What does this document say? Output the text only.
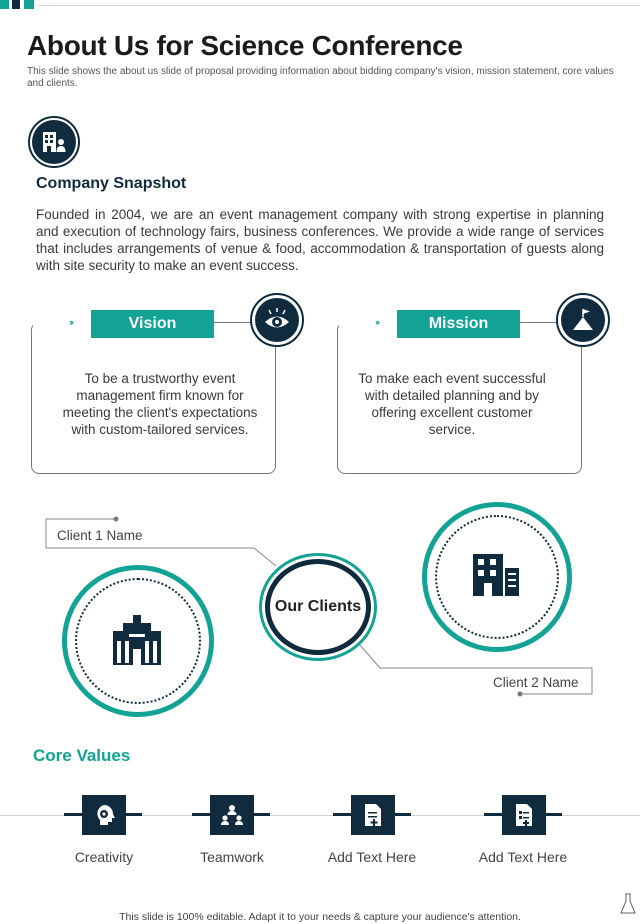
About Us for Science Conference
This slide shows the about us slide of proposal providing information about bidding company's vision, mission statement, core values and clients.
Company Snapshot
Founded in 2004, we are an event management company with strong expertise in planning and execution of technology fairs, business conferences. We provide a wide range of services that includes arrangements of venue & food, accommodation & transportation of guests along with site security to make an event success.
›››	Vision
To be a trustworthy event management firm known for meeting the client's expectations with custom-tailored services.
›››	Mission
To make each event successful with detailed planning and by offering excellent customer service.
Client 1 Name
Client 2 Name
Our Clients
Core Values
Creativity	Teamwork	Add Text Here	Add Text Here
This slide is 100% editable. Adapt it to your needs & capture your audience's attention.
